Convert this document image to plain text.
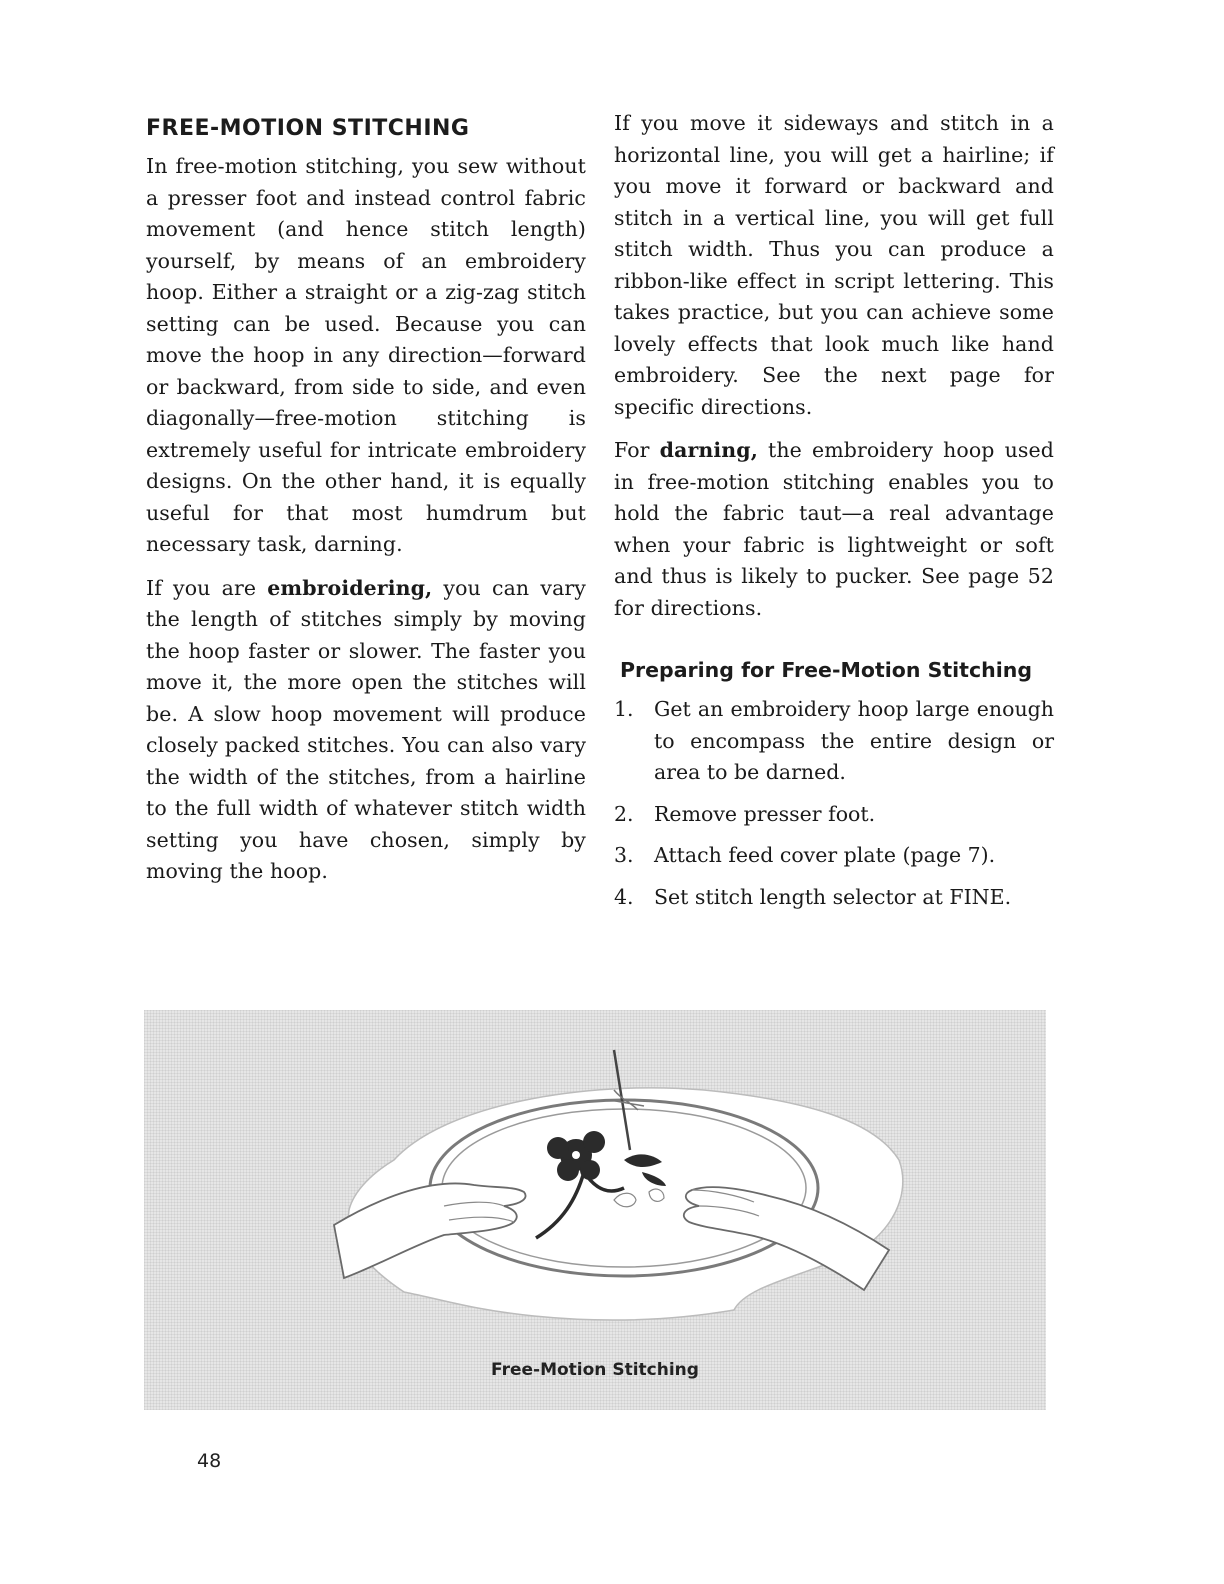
FREE-MOTION STITCHING

In free-motion stitching, you sew without a presser foot and instead control fabric movement (and hence stitch length) yourself, by means of an embroidery hoop. Either a straight or a zig-zag stitch setting can be used. Because you can move the hoop in any direction—forward or backward, from side to side, and even diagonally—free-motion stitching is extremely useful for intricate embroidery designs. On the other hand, it is equally useful for that most humdrum but necessary task, darning.

If you are embroidering, you can vary the length of stitches simply by moving the hoop faster or slower. The faster you move it, the more open the stitches will be. A slow hoop movement will produce closely packed stitches. You can also vary the width of the stitches, from a hairline to the full width of whatever stitch width setting you have chosen, simply by moving the hoop.

If you move it sideways and stitch in a horizontal line, you will get a hairline; if you move it forward or backward and stitch in a vertical line, you will get full stitch width. Thus you can produce a ribbon-like effect in script lettering. This takes practice, but you can achieve some lovely effects that look much like hand embroidery. See the next page for specific directions.

For darning, the embroidery hoop used in free-motion stitching enables you to hold the fabric taut—a real advantage when your fabric is lightweight or soft and thus is likely to pucker. See page 52 for directions.

Preparing for Free-Motion Stitching
1. Get an embroidery hoop large enough to encompass the entire design or area to be darned.
2. Remove presser foot.
3. Attach feed cover plate (page 7).
4. Set stitch length selector at FINE.
Free-Motion Stitching
48
